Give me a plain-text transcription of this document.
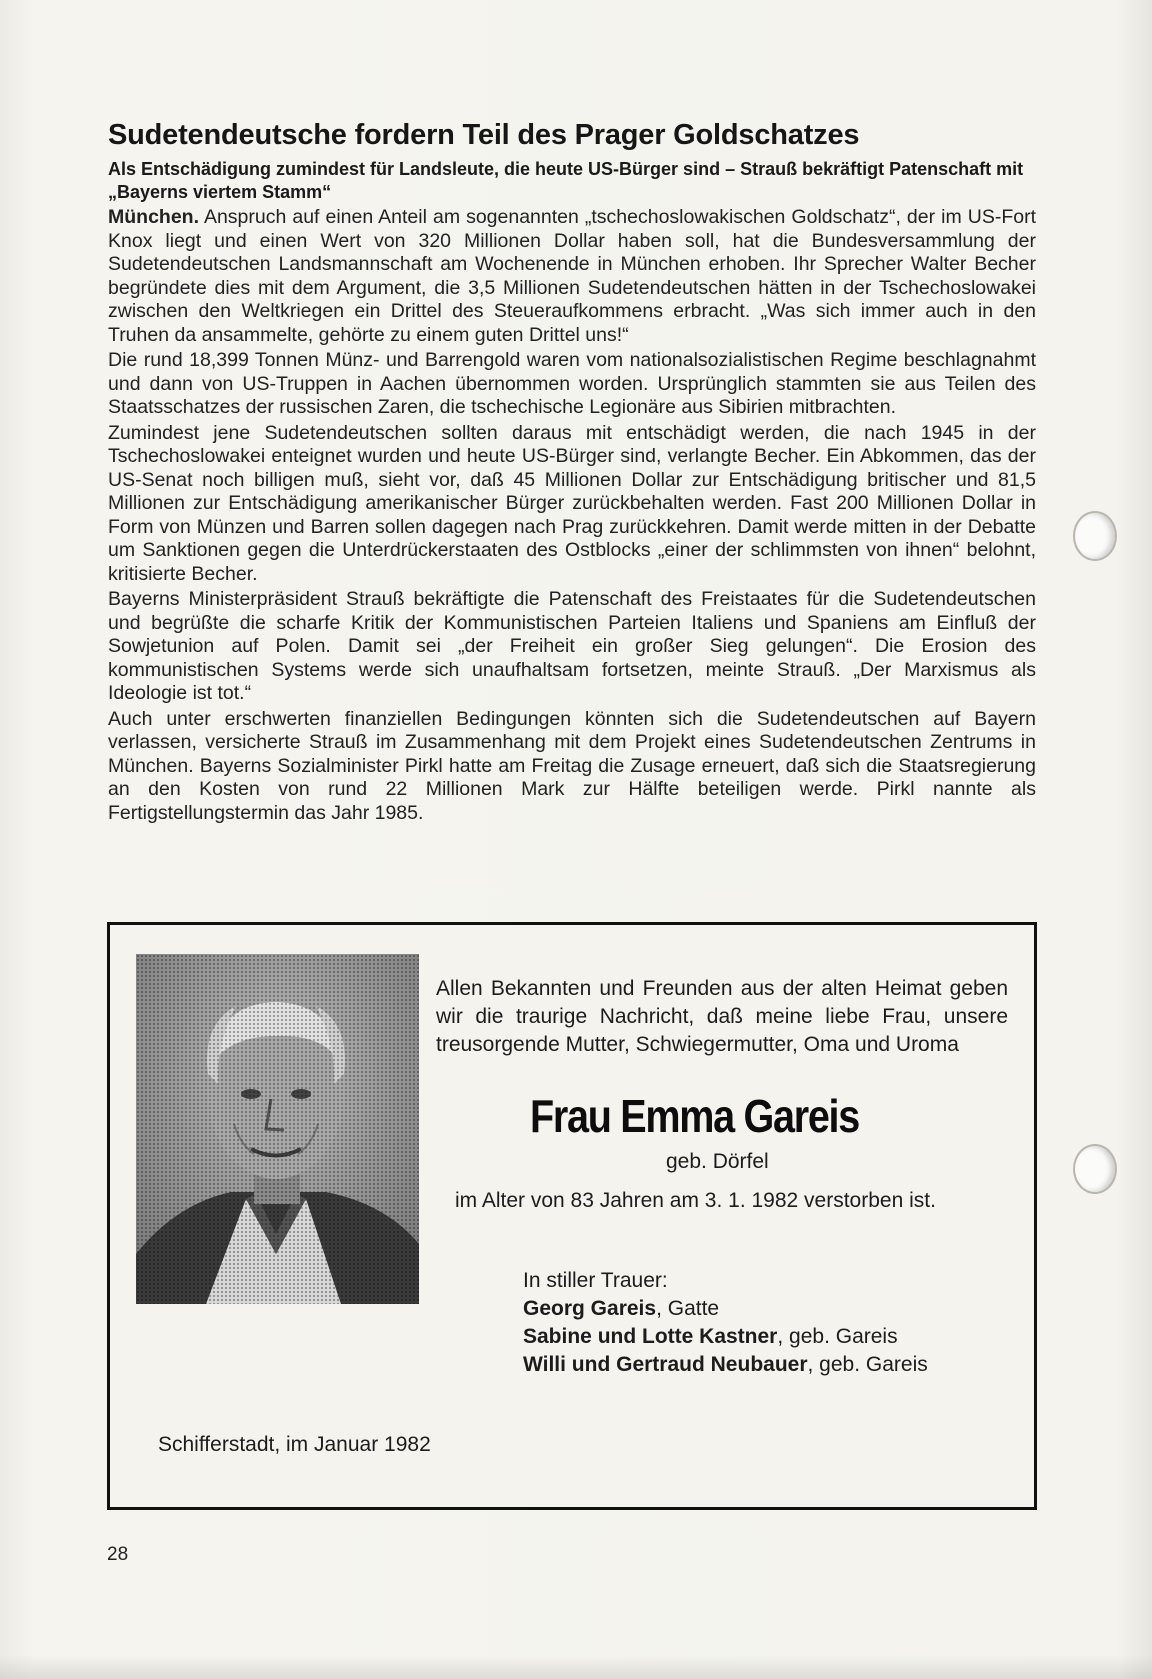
Sudetendeutsche fordern Teil des Prager Goldschatzes

Als Entschädigung zumindest für Landsleute, die heute US-Bürger sind – Strauß bekräftigt Patenschaft mit „Bayerns viertem Stamm“

München. Anspruch auf einen Anteil am sogenannten „tschechoslowakischen Goldschatz“, der im US-Fort Knox liegt und einen Wert von 320 Millionen Dollar haben soll, hat die Bundesversammlung der Sudetendeutschen Landsmannschaft am Wochenende in München erhoben. Ihr Sprecher Walter Becher begründete dies mit dem Argument, die 3,5 Millionen Sudetendeutschen hätten in der Tschechoslowakei zwischen den Weltkriegen ein Drittel des Steueraufkommens erbracht. „Was sich immer auch in den Truhen da ansammelte, gehörte zu einem guten Drittel uns!“

Die rund 18,399 Tonnen Münz- und Barrengold waren vom nationalsozialistischen Regime beschlagnahmt und dann von US-Truppen in Aachen übernommen worden. Ursprünglich stammten sie aus Teilen des Staatsschatzes der russischen Zaren, die tschechische Legionäre aus Sibirien mitbrachten.

Zumindest jene Sudetendeutschen sollten daraus mit entschädigt werden, die nach 1945 in der Tschechoslowakei enteignet wurden und heute US-Bürger sind, verlangte Becher. Ein Abkommen, das der US-Senat noch billigen muß, sieht vor, daß 45 Millionen Dollar zur Entschädigung britischer und 81,5 Millionen zur Entschädigung amerikanischer Bürger zurückbehalten werden. Fast 200 Millionen Dollar in Form von Münzen und Barren sollen dagegen nach Prag zurückkehren. Damit werde mitten in der Debatte um Sanktionen gegen die Unterdrückerstaaten des Ostblocks „einer der schlimmsten von ihnen“ belohnt, kritisierte Becher.

Bayerns Ministerpräsident Strauß bekräftigte die Patenschaft des Freistaates für die Sudetendeutschen und begrüßte die scharfe Kritik der Kommunistischen Parteien Italiens und Spaniens am Einfluß der Sowjetunion auf Polen. Damit sei „der Freiheit ein großer Sieg gelungen“. Die Erosion des kommunistischen Systems werde sich unaufhaltsam fortsetzen, meinte Strauß. „Der Marxismus als Ideologie ist tot.“

Auch unter erschwerten finanziellen Bedingungen könnten sich die Sudetendeutschen auf Bayern verlassen, versicherte Strauß im Zusammenhang mit dem Projekt eines Sudetendeutschen Zentrums in München. Bayerns Sozialminister Pirkl hatte am Freitag die Zusage erneuert, daß sich die Staatsregierung an den Kosten von rund 22 Millionen Mark zur Hälfte beteiligen werde. Pirkl nannte als Fertigstellungstermin das Jahr 1985.

Allen Bekannten und Freunden aus der alten Heimat geben wir die traurige Nachricht, daß meine liebe Frau, unsere treusorgende Mutter, Schwiegermutter, Oma und Uroma
Frau Emma Gareis
geb. Dörfel
im Alter von 83 Jahren am 3. 1. 1982 verstorben ist.
In stiller Trauer:
Georg Gareis, Gatte
Sabine und Lotte Kastner, geb. Gareis
Willi und Gertraud Neubauer, geb. Gareis
Schifferstadt, im Januar 1982
28
